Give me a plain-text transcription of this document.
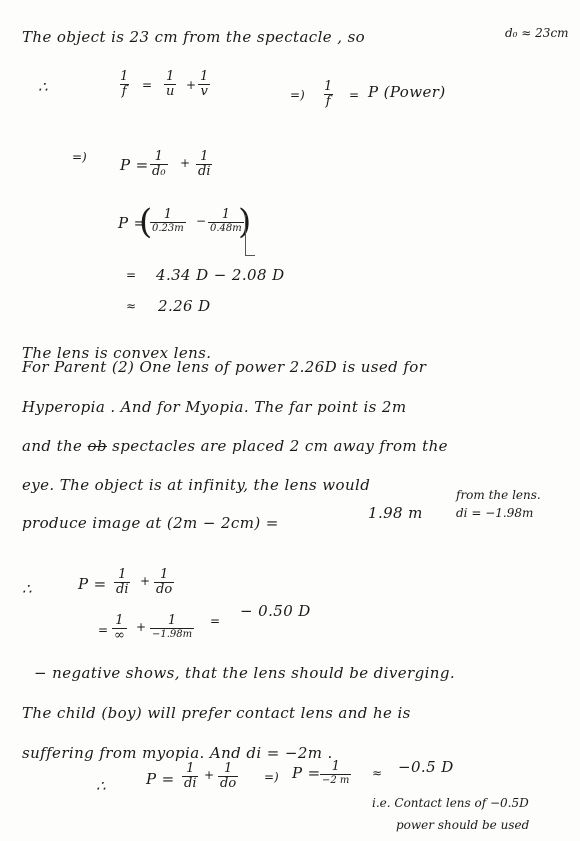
The object is 23 cm from the spectacle , so	d₀ ≈ 23cm
∴	$\frac{1}{f} = \frac{1}{u} + \frac{1}{v}$	=) $\frac{1}{f} = P$ (Power)
=) $P = \frac{1}{\text{d₀}} + \frac{1}{di}$
P =
( 1
0.23m
− 1
0.48m
)
= 4.34 D − 2.08 D
≈ 2.26 D
The lens is convex lens.
For Parent (2) One lens of power 2.26D is used for
Hyperopia . And for Myopia. The far point is 2m
and the ob spectacles are placed 2 cm away from the
eye. The object is at infinity, the lens would
produce image at (2m − 2cm) =
1.98 m
from the lens.
di = −1.98m
∴	$P = \frac{1}{di} + \frac{1}{do}$
=
1
∞
+ 1
−1.98m
=
− 0.50 D
− negative shows, that the lens should be diverging.
The child (boy) will prefer contact lens and he is
suffering from myopia. And di = −2m .
∴	$P = \frac{1}{di} + \frac{1}{do}$ =) P = 1
−2 m
≈ −0.5 D
i.e. Contact lens of −0.5D
power should be used
